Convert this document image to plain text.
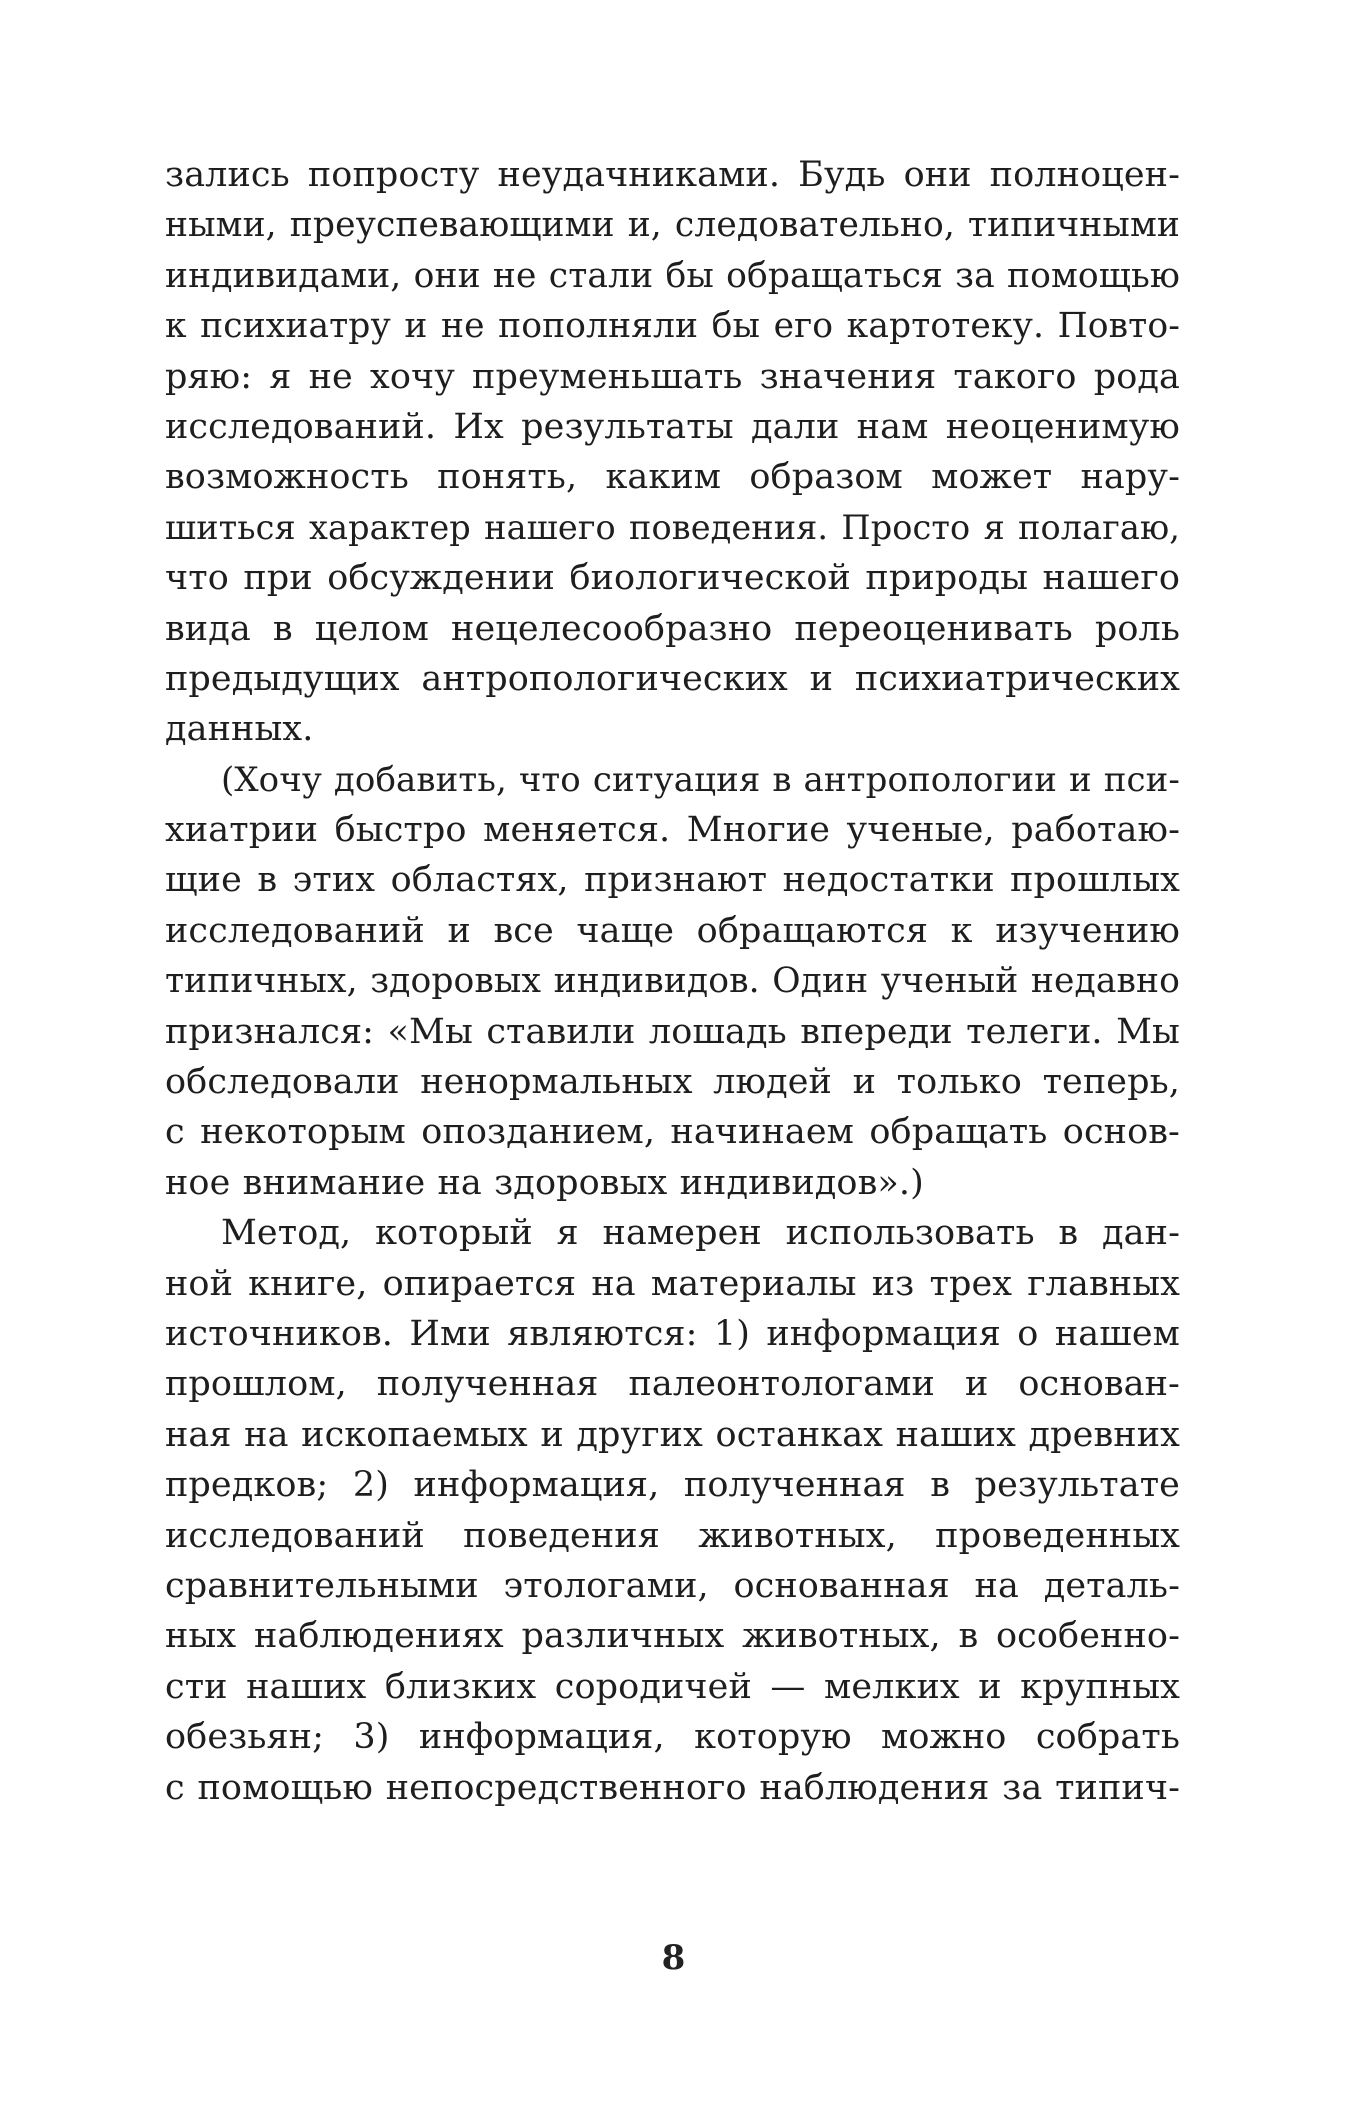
зались попросту неудачниками. Будь они полноцен-
ными, преуспевающими и, следовательно, типичными
индивидами, они не стали бы обращаться за помощью
к психиатру и не пополняли бы его картотеку. Повто-
ряю: я не хочу преуменьшать значения такого рода
исследований. Их результаты дали нам неоценимую
возможность понять, каким образом может нару-
шиться характер нашего поведения. Просто я полагаю,
что при обсуждении биологической природы нашего
вида в целом нецелесообразно переоценивать роль
предыдущих антропологических и психиатрических
данных.
(Хочу добавить, что ситуация в антропологии и пси-
хиатрии быстро меняется. Многие ученые, работаю-
щие в этих областях, признают недостатки прошлых
исследований и все чаще обращаются к изучению
типичных, здоровых индивидов. Один ученый недавно
признался: «Мы ставили лошадь впереди телеги. Мы
обследовали ненормальных людей и только теперь,
с некоторым опозданием, начинаем обращать основ-
ное внимание на здоровых индивидов».)
Метод, который я намерен использовать в дан-
ной книге, опирается на материалы из трех главных
источников. Ими являются: 1) информация о нашем
прошлом, полученная палеонтологами и основан-
ная на ископаемых и других останках наших древних
предков; 2) информация, полученная в результате
исследований поведения животных, проведенных
сравнительными этологами, основанная на деталь-
ных наблюдениях различных животных, в особенно-
сти наших близких сородичей — мелких и крупных
обезьян; 3) информация, которую можно собрать
с помощью непосредственного наблюдения за типич-
8
